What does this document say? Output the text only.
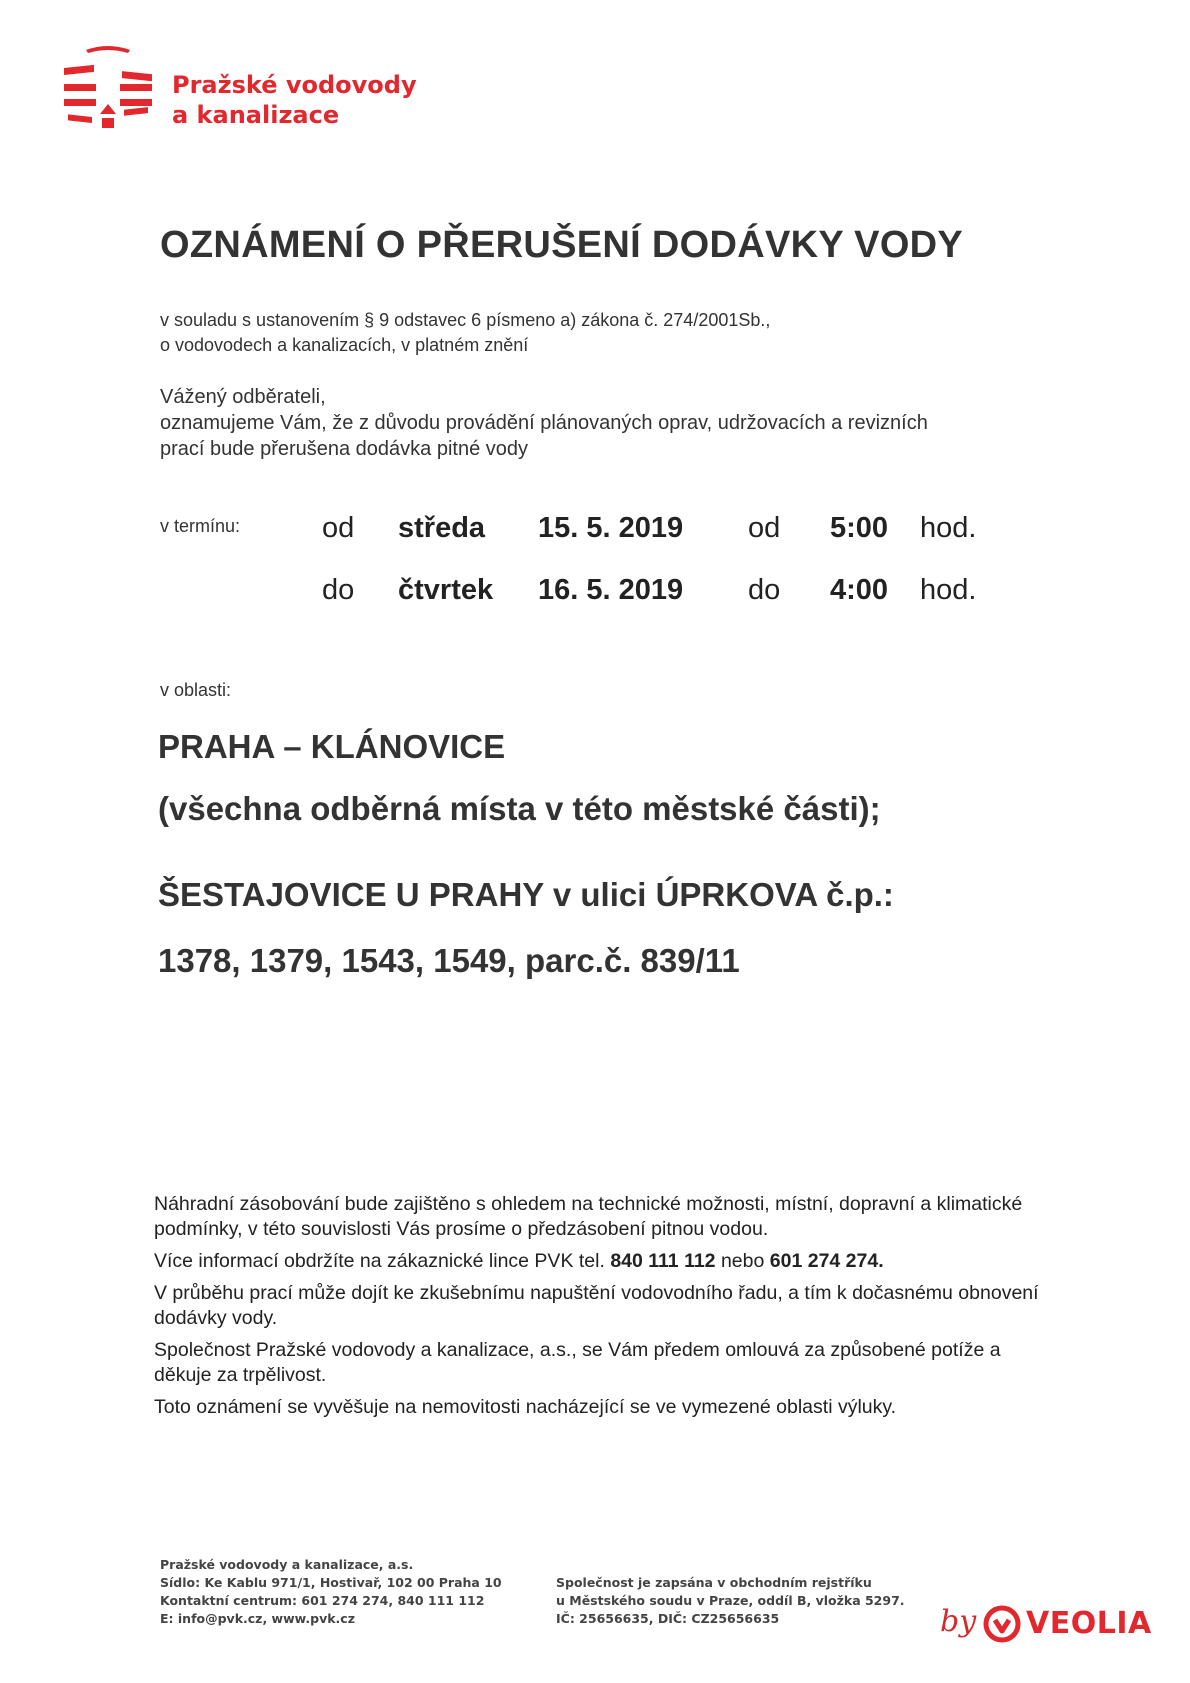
Pražské vodovody
a kanalizace
OZNÁMENÍ O PŘERUŠENÍ DODÁVKY VODY
v souladu s ustanovením § 9 odstavec 6 písmeno a) zákona č. 274/2001Sb.,
o vodovodech a kanalizacích, v platném znění
Vážený odběrateli,
oznamujeme Vám, že z důvodu provádění plánovaných oprav, udržovacích a revizních
prací bude přerušena dodávka pitné vody
v termínu:	od středa 15. 5. 2019 od 5:00 hod.
do čtvrtek 16. 5. 2019 do 4:00 hod.
v oblasti:
PRAHA – KLÁNOVICE
(všechna odběrná místa v této městské části);
ŠESTAJOVICE U PRAHY v ulici ÚPRKOVA č.p.:
1378, 1379, 1543, 1549, parc.č. 839/11

Náhradní zásobování bude zajištěno s ohledem na technické možnosti, místní, dopravní a klimatické podmínky, v této souvislosti Vás prosíme o předzásobení pitnou vodou.

Více informací obdržíte na zákaznické lince PVK tel. 840 111 112 nebo 601 274 274.

V průběhu prací může dojít ke zkušebnímu napuštění vodovodního řadu, a tím k dočasnému obnovení dodávky vody.

Společnost Pražské vodovody a kanalizace, a.s., se Vám předem omlouvá za způsobené potíže a děkuje za trpělivost.

Toto oznámení se vyvěšuje na nemovitosti nacházející se ve vymezené oblasti výluky.

Pražské vodovody a kanalizace, a.s.
Sídlo: Ke Kablu 971/1, Hostivař, 102 00 Praha 10
Kontaktní centrum: 601 274 274, 840 111 112
E: info@pvk.cz, www.pvk.cz
Společnost je zapsána v obchodním rejstříku
u Městského soudu v Praze, oddíl B, vložka 5297.
IČ: 25656635, DIČ: CZ25656635	by VEOLIA
